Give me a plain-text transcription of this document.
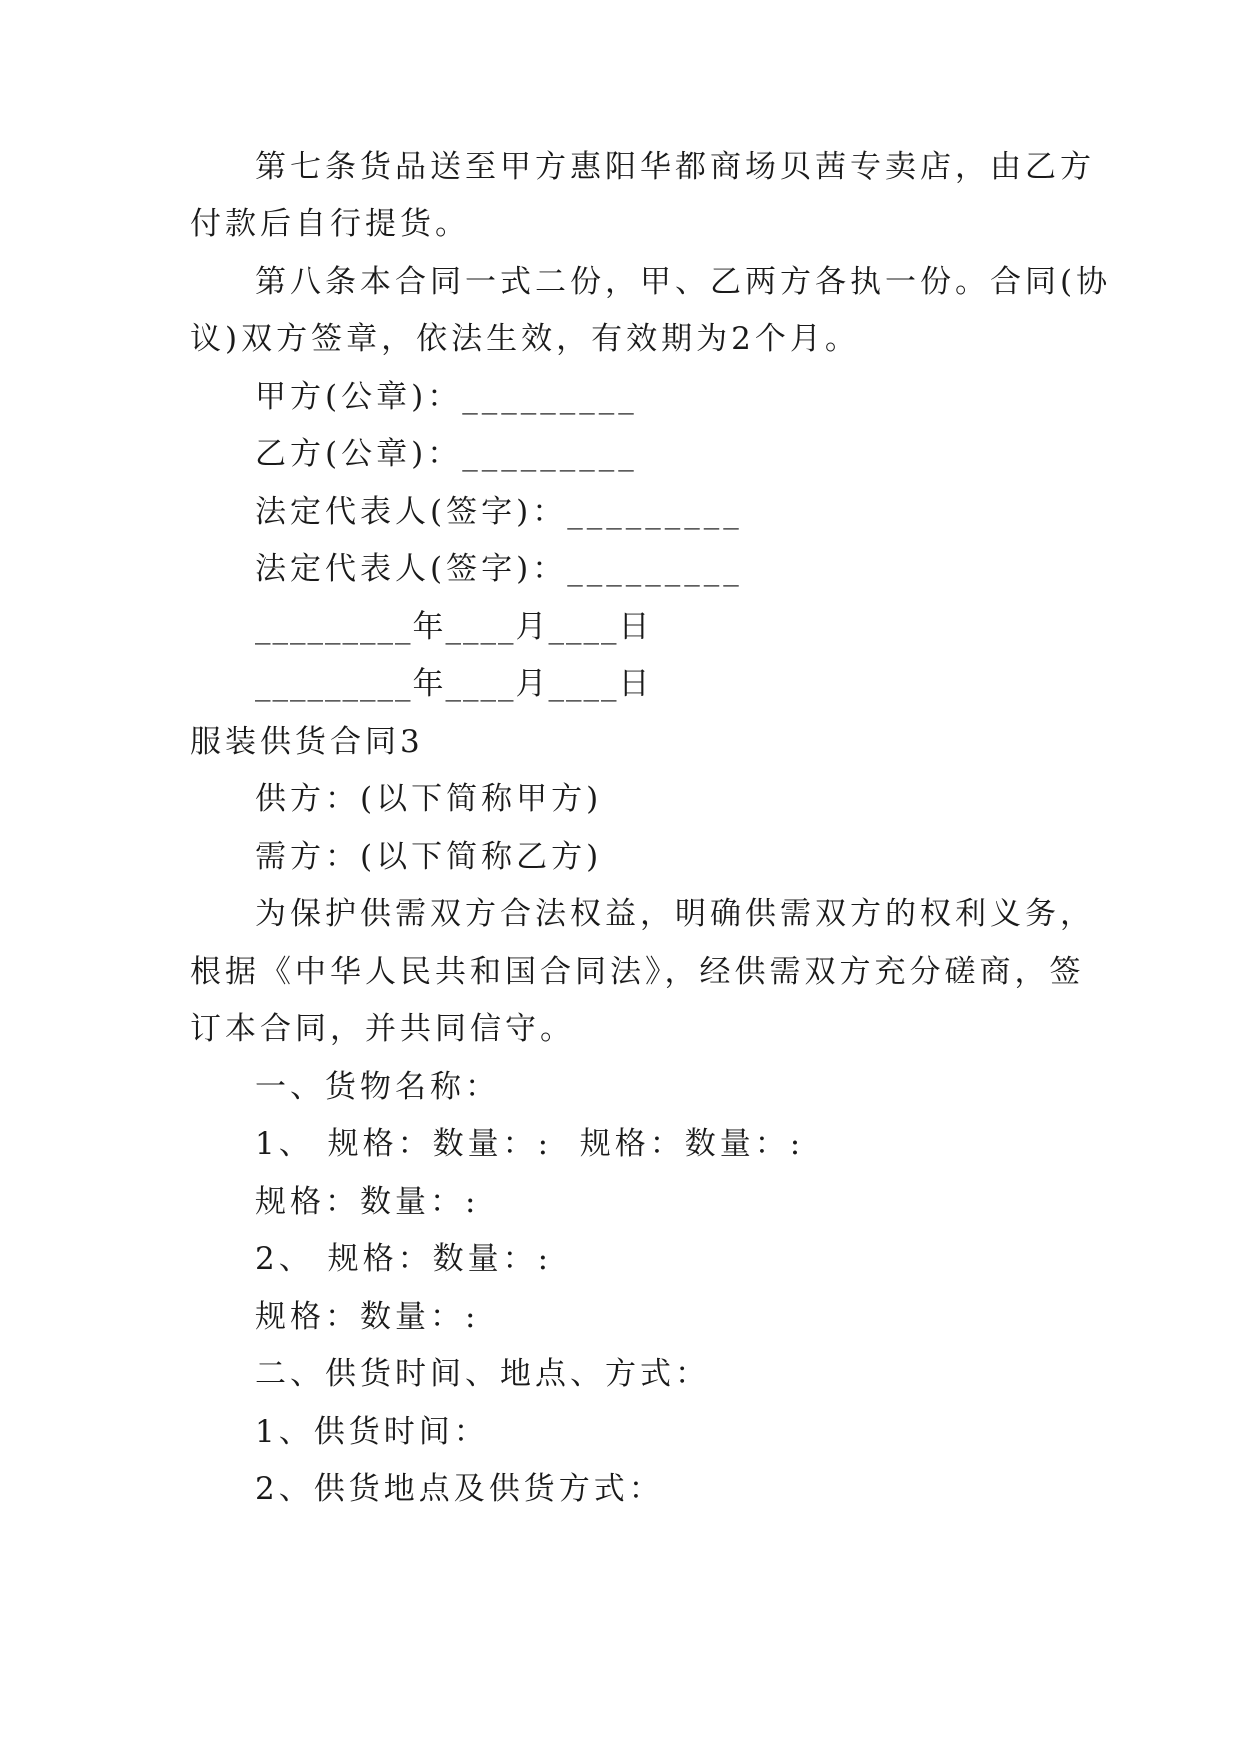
第七条货品送至甲方惠阳华都商场贝茜专卖店，由乙方
付款后自行提货。
第八条本合同一式二份，甲、乙两方各执一份。合同(协
议)双方签章，依法生效，有效期为2个月。
甲方(公章)：_________
乙方(公章)：_________
法定代表人(签字)：_________
法定代表人(签字)：_________
_________年____月____日
_________年____月____日
服装供货合同3
供方：(以下简称甲方)
需方：(以下简称乙方)
为保护供需双方合法权益，明确供需双方的权利义务，
根据《中华人民共和国合同法》，经供需双方充分磋商，签
订本合同，并共同信守。
一、货物名称：
1、 规格：数量：:  规格：数量：:
规格：数量：:
2、 规格：数量：:
规格：数量：:
二、供货时间、地点、方式：
1、供货时间：
2、供货地点及供货方式：
